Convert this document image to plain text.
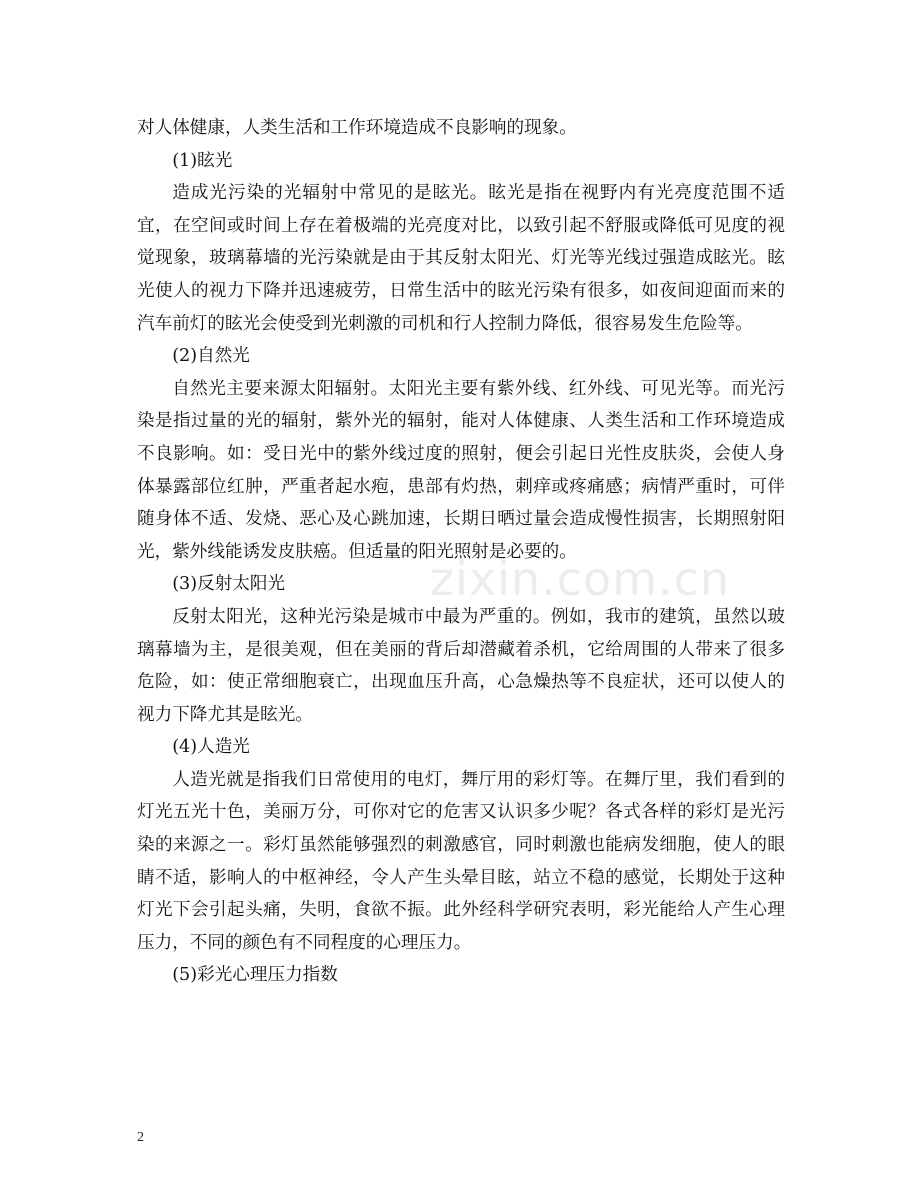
对人体健康，人类生活和工作环境造成不良影响的现象。

(1)眩光

造成光污染的光辐射中常见的是眩光。眩光是指在视野内有光亮度范围不适宜，在空间或时间上存在着极端的光亮度对比，以致引起不舒服或降低可见度的视觉现象，玻璃幕墙的光污染就是由于其反射太阳光、灯光等光线过强造成眩光。眩光使人的视力下降并迅速疲劳，日常生活中的眩光污染有很多，如夜间迎面而来的汽车前灯的眩光会使受到光刺激的司机和行人控制力降低，很容易发生危险等。

(2)自然光

自然光主要来源太阳辐射。太阳光主要有紫外线、红外线、可见光等。而光污染是指过量的光的辐射，紫外光的辐射，能对人体健康、人类生活和工作环境造成不良影响。如：受日光中的紫外线过度的照射，便会引起日光性皮肤炎，会使人身体暴露部位红肿，严重者起水疱，患部有灼热，刺痒或疼痛感；病情严重时，可伴随身体不适、发烧、恶心及心跳加速，长期日晒过量会造成慢性损害，长期照射阳光，紫外线能诱发皮肤癌。但适量的阳光照射是必要的。

(3)反射太阳光

反射太阳光，这种光污染是城市中最为严重的。例如，我市的建筑，虽然以玻璃幕墙为主，是很美观，但在美丽的背后却潜藏着杀机，它给周围的人带来了很多危险，如：使正常细胞衰亡，出现血压升高，心急燥热等不良症状，还可以使人的视力下降尤其是眩光。

(4)人造光

人造光就是指我们日常使用的电灯，舞厅用的彩灯等。在舞厅里，我们看到的灯光五光十色，美丽万分，可你对它的危害又认识多少呢？各式各样的彩灯是光污染的来源之一。彩灯虽然能够强烈的刺激感官，同时刺激也能病发细胞，使人的眼睛不适，影响人的中枢神经，令人产生头晕目眩，站立不稳的感觉，长期处于这种灯光下会引起头痛，失明，食欲不振。此外经科学研究表明，彩光能给人产生心理压力，不同的颜色有不同程度的心理压力。

(5)彩光心理压力指数

zixin.com.cn
2
